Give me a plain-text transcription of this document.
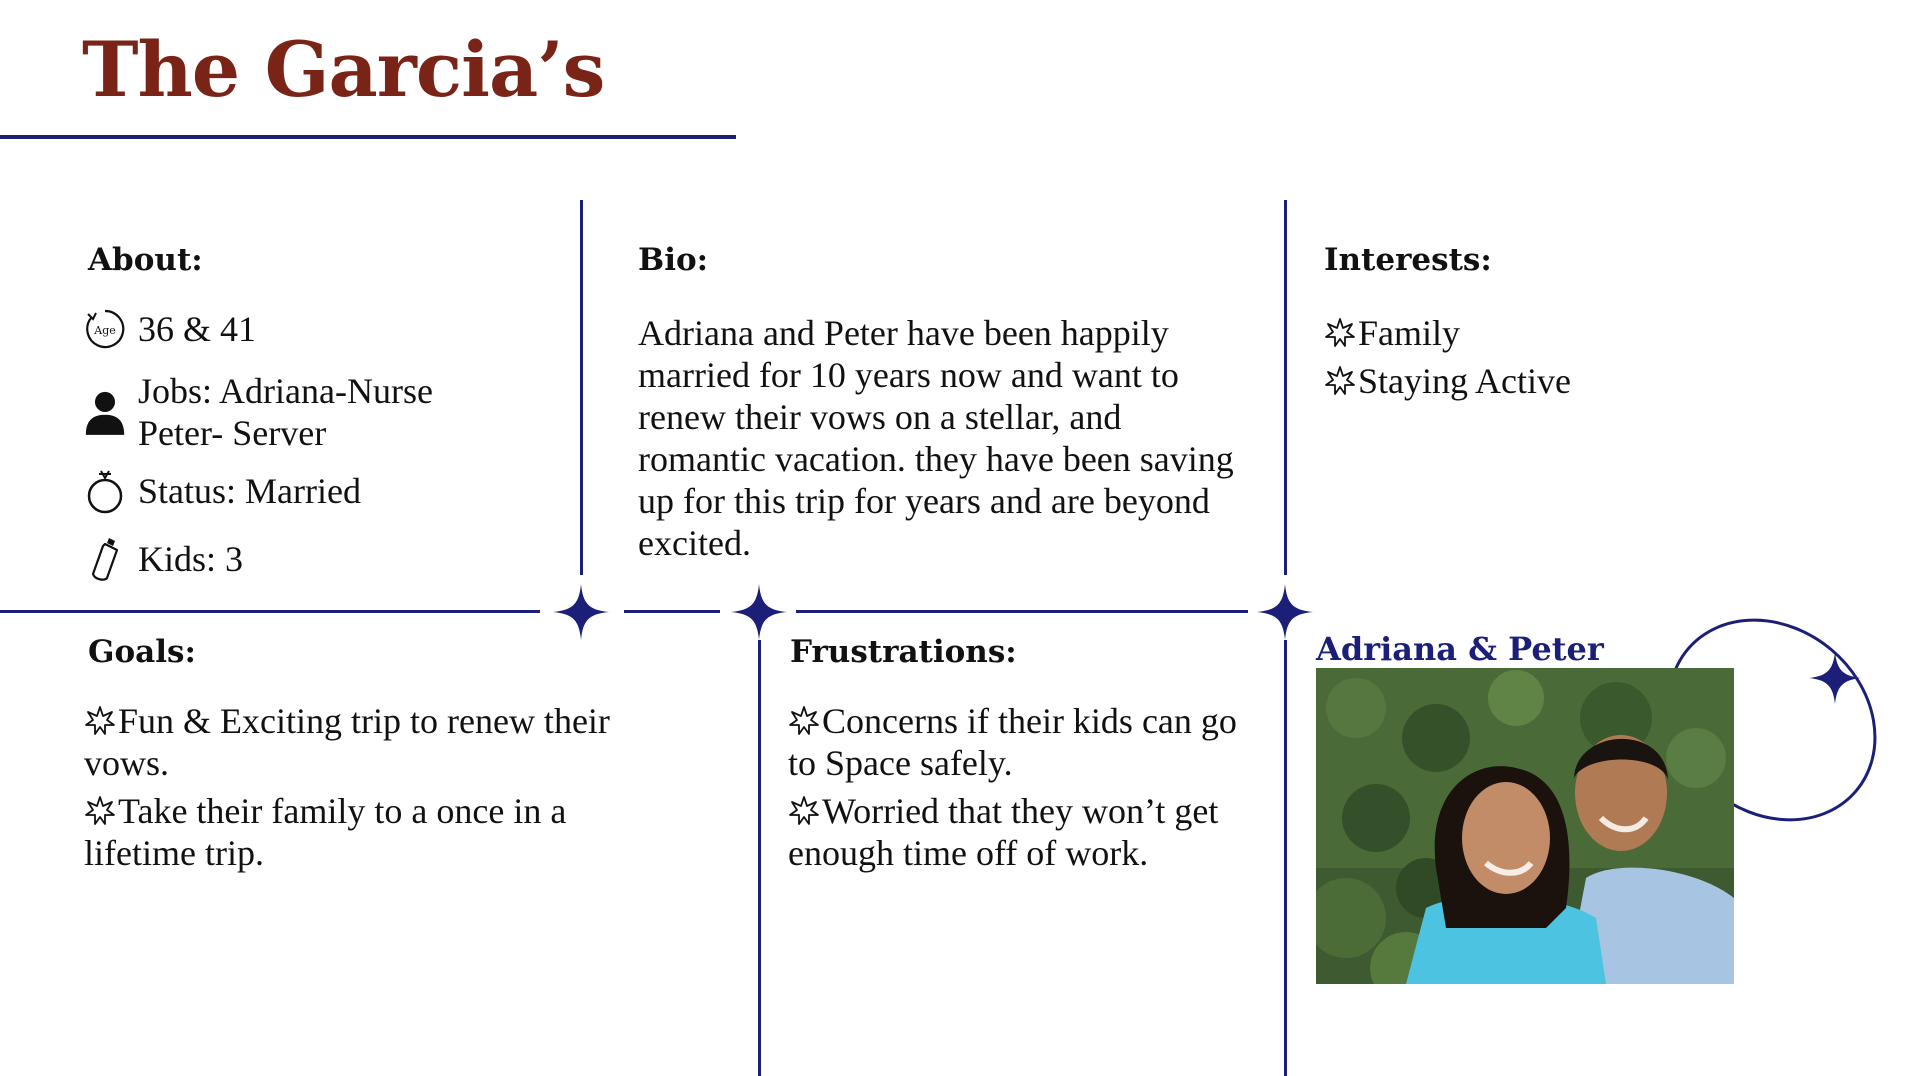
The Garcia’s
About:
Age 36 & 41
Jobs: Adriana-Nurse
Peter- Server
Status: Married
Kids: 3
Bio:
Adriana and Peter have been happily married for 10 years now and want to renew their vows on a stellar, and romantic vacation. they have been saving up for this trip for years and are beyond excited.
Interests:
Family
Staying Active
Goals:
Fun & Exciting trip to renew their vows.
Take their family to a once in a lifetime trip.
Frustrations:
Concerns if their kids can go to Space safely.
Worried that they won’t get enough time off of work.
Adriana & Peter
